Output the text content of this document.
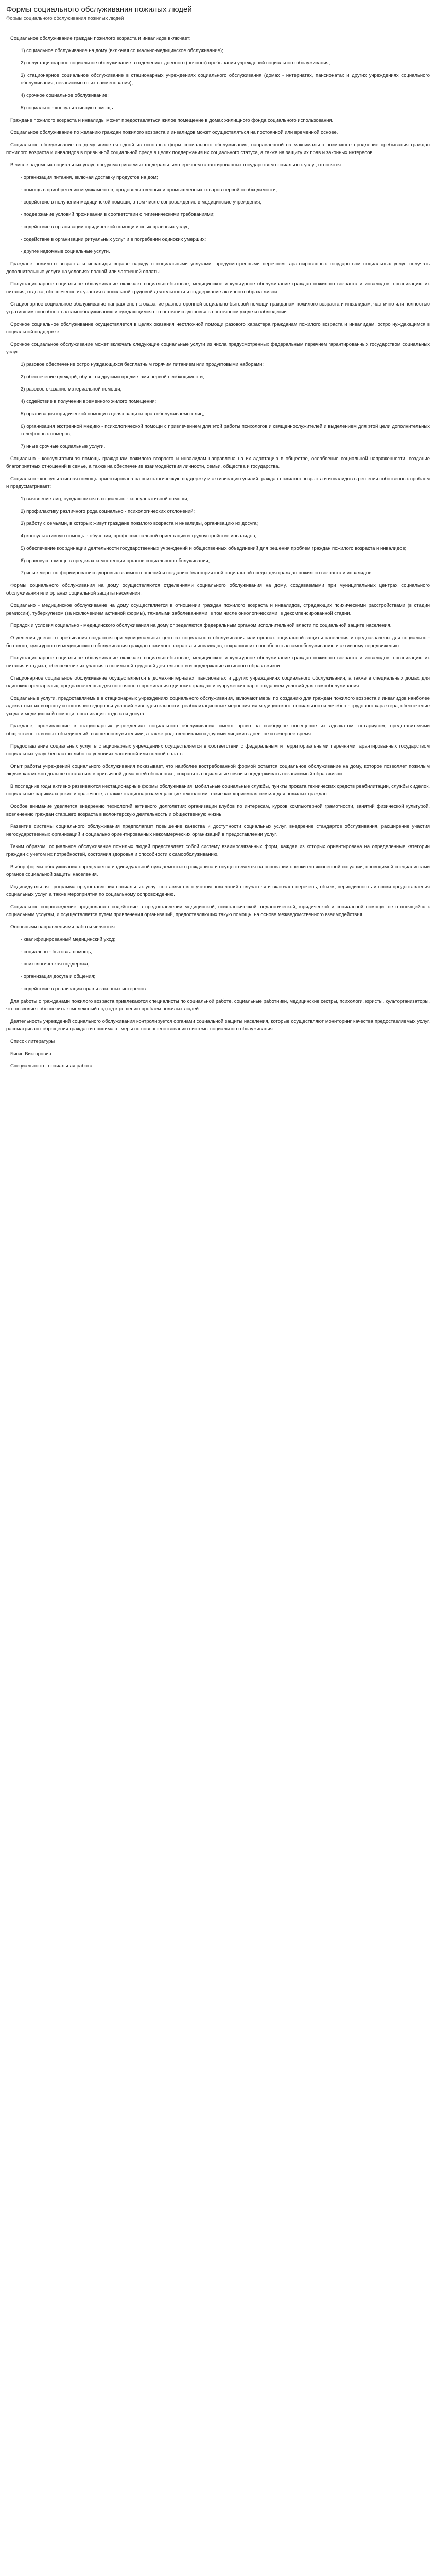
Формы социального обслуживания пожилых людей
Формы социального обслуживания пожилых людей

Социальное обслуживание граждан пожилого возраста и инвалидов включает:

1) социальное обслуживание на дому (включая социально-медицинское обслуживание);

2) полустационарное социальное обслуживание в отделениях дневного (ночного) пребывания учреждений социального обслуживания;

3) стационарное социальное обслуживание в стационарных учреждениях социального обслуживания (домах - интернатах, пансионатах и других учреждениях социального обслуживания, независимо от их наименования);

4) срочное социальное обслуживание;

5) социально - консультативную помощь.

Граждане пожилого возраста и инвалиды может предоставляться жилое помещение в домах жилищного фонда социального использования.

Социальное обслуживание по желанию граждан пожилого возраста и инвалидов может осуществляться на постоянной или временной основе.

Социальное обслуживание на дому является одной из основных форм социального обслуживания, направленной на максимально возможное продление пребывания граждан пожилого возраста и инвалидов в привычной социальной среде в целях поддержания их социального статуса, а также на защиту их прав и законных интересов.

В числе надомных социальных услуг, предусматриваемых федеральным перечнем гарантированных государством социальных услуг, относятся:

- организация питания, включая доставку продуктов на дом;

- помощь в приобретении медикаментов, продовольственных и промышленных товаров первой необходимости;

- содействие в получении медицинской помощи, в том числе сопровождение в медицинские учреждения;

- поддержание условий проживания в соответствии с гигиеническими требованиями;

- содействие в организации юридической помощи и иных правовых услуг;

- содействие в организации ритуальных услуг и в погребении одиноких умерших;

- другие надомные социальные услуги.

Граждане пожилого возраста и инвалиды вправе наряду с социальными услугами, предусмотренными перечнем гарантированных государством социальных услуг, получать дополнительные услуги на условиях полной или частичной оплаты.

Полустационарное социальное обслуживание включает социально-бытовое, медицинское и культурное обслуживание граждан пожилого возраста и инвалидов, организацию их питания, отдыха, обеспечение их участия в посильной трудовой деятельности и поддержание активного образа жизни.

Стационарное социальное обслуживание направлено на оказание разносторонней социально-бытовой помощи гражданам пожилого возраста и инвалидам, частично или полностью утратившим способность к самообслуживанию и нуждающимся по состоянию здоровья в постоянном уходе и наблюдении.

Срочное социальное обслуживание осуществляется в целях оказания неотложной помощи разового характера гражданам пожилого возраста и инвалидам, остро нуждающимся в социальной поддержке.

Срочное социальное обслуживание может включать следующие социальные услуги из числа предусмотренных федеральным перечнем гарантированных государством социальных услуг:

1) разовое обеспечение остро нуждающихся бесплатным горячим питанием или продуктовыми наборами;

2) обеспечение одеждой, обувью и другими предметами первой необходимости;

3) разовое оказание материальной помощи;

4) содействие в получении временного жилого помещения;

5) организация юридической помощи в целях защиты прав обслуживаемых лиц;

6) организация экстренной медико - психологической помощи с привлечением для этой работы психологов и священнослужителей и выделением для этой цели дополнительных телефонных номеров;

7) иные срочные социальные услуги.

Социально - консультативная помощь гражданам пожилого возраста и инвалидам направлена на их адаптацию в обществе, ослабление социальной напряженности, создание благоприятных отношений в семье, а также на обеспечение взаимодействия личности, семьи, общества и государства.

Социально - консультативная помощь ориентирована на психологическую поддержку и активизацию усилий граждан пожилого возраста и инвалидов в решении собственных проблем и предусматривает:

1) выявление лиц, нуждающихся в социально - консультативной помощи;

2) профилактику различного рода социально - психологических отклонений;

3) работу с семьями, в которых живут граждане пожилого возраста и инвалиды, организацию их досуга;

4) консультативную помощь в обучении, профессиональной ориентации и трудоустройстве инвалидов;

5) обеспечение координации деятельности государственных учреждений и общественных объединений для решения проблем граждан пожилого возраста и инвалидов;

6) правовую помощь в пределах компетенции органов социального обслуживания;

7) иные меры по формированию здоровых взаимоотношений и созданию благоприятной социальной среды для граждан пожилого возраста и инвалидов.

Формы социального обслуживания на дому осуществляются отделениями социального обслуживания на дому, создаваемыми при муниципальных центрах социального обслуживания или органах социальной защиты населения.

Социально - медицинское обслуживание на дому осуществляется в отношении граждан пожилого возраста и инвалидов, страдающих психическими расстройствами (в стадии ремиссии), туберкулезом (за исключением активной формы), тяжелыми заболеваниями, в том числе онкологическими, в декомпенсированной стадии.

Порядок и условия социально - медицинского обслуживания на дому определяются федеральным органом исполнительной власти по социальной защите населения.

Отделения дневного пребывания создаются при муниципальных центрах социального обслуживания или органах социальной защиты населения и предназначены для социально - бытового, культурного и медицинского обслуживания граждан пожилого возраста и инвалидов, сохранивших способность к самообслуживанию и активному передвижению.

Полустационарное социальное обслуживание включает социально-бытовое, медицинское и культурное обслуживание граждан пожилого возраста и инвалидов, организацию их питания и отдыха, обеспечение их участия в посильной трудовой деятельности и поддержание активного образа жизни.

Стационарное социальное обслуживание осуществляется в домах-интернатах, пансионатах и других учреждениях социального обслуживания, а также в специальных домах для одиноких престарелых, предназначенных для постоянного проживания одиноких граждан и супружеских пар с созданием условий для самообслуживания.

Социальные услуги, предоставляемые в стационарных учреждениях социального обслуживания, включают меры по созданию для граждан пожилого возраста и инвалидов наиболее адекватных их возрасту и состоянию здоровья условий жизнедеятельности, реабилитационные мероприятия медицинского, социального и лечебно - трудового характера, обеспечение ухода и медицинской помощи, организацию отдыха и досуга.

Граждане, проживающие в стационарных учреждениях социального обслуживания, имеют право на свободное посещение их адвокатом, нотариусом, представителями общественных и иных объединений, священнослужителями, а также родственниками и другими лицами в дневное и вечернее время.

Предоставление социальных услуг в стационарных учреждениях осуществляется в соответствии с федеральным и территориальными перечнями гарантированных государством социальных услуг бесплатно либо на условиях частичной или полной оплаты.

Опыт работы учреждений социального обслуживания показывает, что наиболее востребованной формой остается социальное обслуживание на дому, которое позволяет пожилым людям как можно дольше оставаться в привычной домашней обстановке, сохранять социальные связи и поддерживать независимый образ жизни.

В последние годы активно развиваются нестационарные формы обслуживания: мобильные социальные службы, пункты проката технических средств реабилитации, службы сиделок, социальные парикмахерские и прачечные, а также стационарозамещающие технологии, такие как «приемная семья» для пожилых граждан.

Особое внимание уделяется внедрению технологий активного долголетия: организации клубов по интересам, курсов компьютерной грамотности, занятий физической культурой, вовлечению граждан старшего возраста в волонтерскую деятельность и общественную жизнь.

Развитие системы социального обслуживания предполагает повышение качества и доступности социальных услуг, внедрение стандартов обслуживания, расширение участия негосударственных организаций и социально ориентированных некоммерческих организаций в предоставлении услуг.

Таким образом, социальное обслуживание пожилых людей представляет собой систему взаимосвязанных форм, каждая из которых ориентирована на определенные категории граждан с учетом их потребностей, состояния здоровья и способности к самообслуживанию.

Выбор формы обслуживания определяется индивидуальной нуждаемостью гражданина и осуществляется на основании оценки его жизненной ситуации, проводимой специалистами органов социальной защиты населения.

Индивидуальная программа предоставления социальных услуг составляется с учетом пожеланий получателя и включает перечень, объем, периодичность и сроки предоставления социальных услуг, а также мероприятия по социальному сопровождению.

Социальное сопровождение предполагает содействие в предоставлении медицинской, психологической, педагогической, юридической и социальной помощи, не относящейся к социальным услугам, и осуществляется путем привлечения организаций, предоставляющих такую помощь, на основе межведомственного взаимодействия.

Основными направлениями работы являются:

- квалифицированный медицинский уход;

- социально - бытовая помощь;

- психологическая поддержка;

- организация досуга и общения;

- содействие в реализации прав и законных интересов.

Для работы с гражданами пожилого возраста привлекаются специалисты по социальной работе, социальные работники, медицинские сестры, психологи, юристы, культорганизаторы, что позволяет обеспечить комплексный подход к решению проблем пожилых людей.

Деятельность учреждений социального обслуживания контролируется органами социальной защиты населения, которые осуществляют мониторинг качества предоставляемых услуг, рассматривают обращения граждан и принимают меры по совершенствованию системы социального обслуживания.

Список литературы

Бигин Викторович

Специальность: социальная работа
